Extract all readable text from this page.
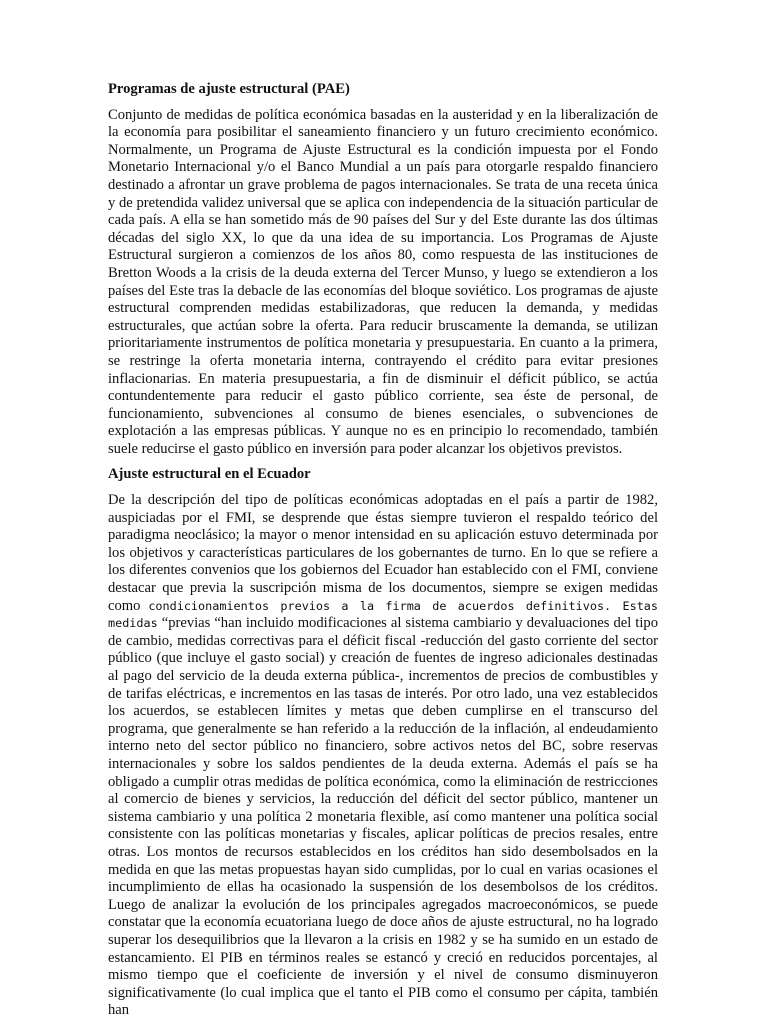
Programas de ajuste estructural (PAE)

Conjunto de medidas de política económica basadas en la austeridad y en la liberalización de la economía para posibilitar el saneamiento financiero y un futuro crecimiento económico. Normalmente, un Programa de Ajuste Estructural es la condición impuesta por el Fondo Monetario Internacional y/o el Banco Mundial a un país para otorgarle respaldo financiero destinado a afrontar un grave problema de pagos internacionales. Se trata de una receta única y de pretendida validez universal que se aplica con independencia de la situación particular de cada país. A ella se han sometido más de 90 países del Sur y del Este durante las dos últimas décadas del siglo XX, lo que da una idea de su importancia. Los Programas de Ajuste Estructural surgieron a comienzos de los años 80, como respuesta de las instituciones de Bretton Woods a la crisis de la deuda externa del Tercer Munso, y luego se extendieron a los países del Este tras la debacle de las economías del bloque soviético. Los programas de ajuste estructural comprenden medidas estabilizadoras, que reducen la demanda, y medidas estructurales, que actúan sobre la oferta. Para reducir bruscamente la demanda, se utilizan prioritariamente instrumentos de política monetaria y presupuestaria. En cuanto a la primera, se restringe la oferta monetaria interna, contrayendo el crédito para evitar presiones inflacionarias. En materia presupuestaria, a fin de disminuir el déficit público, se actúa contundentemente para reducir el gasto público corriente, sea éste de personal, de funcionamiento, subvenciones al consumo de bienes esenciales, o subvenciones de explotación a las empresas públicas. Y aunque no es en principio lo recomendado, también suele reducirse el gasto público en inversión para poder alcanzar los objetivos previstos.

Ajuste estructural en el Ecuador

De la descripción del tipo de políticas económicas adoptadas en el país a partir de 1982, auspiciadas por el FMI, se desprende que éstas siempre tuvieron el respaldo teórico del paradigma neoclásico; la mayor o menor intensidad en su aplicación estuvo determinada por los objetivos y características particulares de los gobernantes de turno. En lo que se refiere a los diferentes convenios que los gobiernos del Ecuador han establecido con el FMI, conviene destacar que previa la suscripción misma de los documentos, siempre se exigen medidas como condicionamientos previos a la firma de acuerdos definitivos. Estas medidas “previas “han incluido modificaciones al sistema cambiario y devaluaciones del tipo de cambio, medidas correctivas para el déficit fiscal -reducción del gasto corriente del sector público (que incluye el gasto social) y creación de fuentes de ingreso adicionales destinadas al pago del servicio de la deuda externa pública-, incrementos de precios de combustibles y de tarifas eléctricas, e incrementos en las tasas de interés. Por otro lado, una vez establecidos los acuerdos, se establecen límites y metas que deben cumplirse en el transcurso del programa, que generalmente se han referido a la reducción de la inflación, al endeudamiento interno neto del sector público no financiero, sobre activos netos del BC, sobre reservas internacionales y sobre los saldos pendientes de la deuda externa. Además el país se ha obligado a cumplir otras medidas de política económica, como la eliminación de restricciones al comercio de bienes y servicios, la reducción del déficit del sector público, mantener un sistema cambiario y una política 2 monetaria flexible, así como mantener una política social consistente con las políticas monetarias y fiscales, aplicar políticas de precios resales, entre otras. Los montos de recursos establecidos en los créditos han sido desembolsados en la medida en que las metas propuestas hayan sido cumplidas, por lo cual en varias ocasiones el incumplimiento de ellas ha ocasionado la suspensión de los desembolsos de los créditos. Luego de analizar la evolución de los principales agregados macroeconómicos, se puede constatar que la economía ecuatoriana luego de doce años de ajuste estructural, no ha logrado superar los desequilibrios que la llevaron a la crisis en 1982 y se ha sumido en un estado de estancamiento. El PIB en términos reales se estancó y creció en reducidos porcentajes, al mismo tiempo que el coeficiente de inversión y el nivel de consumo disminuyeron significativamente (lo cual implica que el tanto el PIB como el consumo per cápita, también han
